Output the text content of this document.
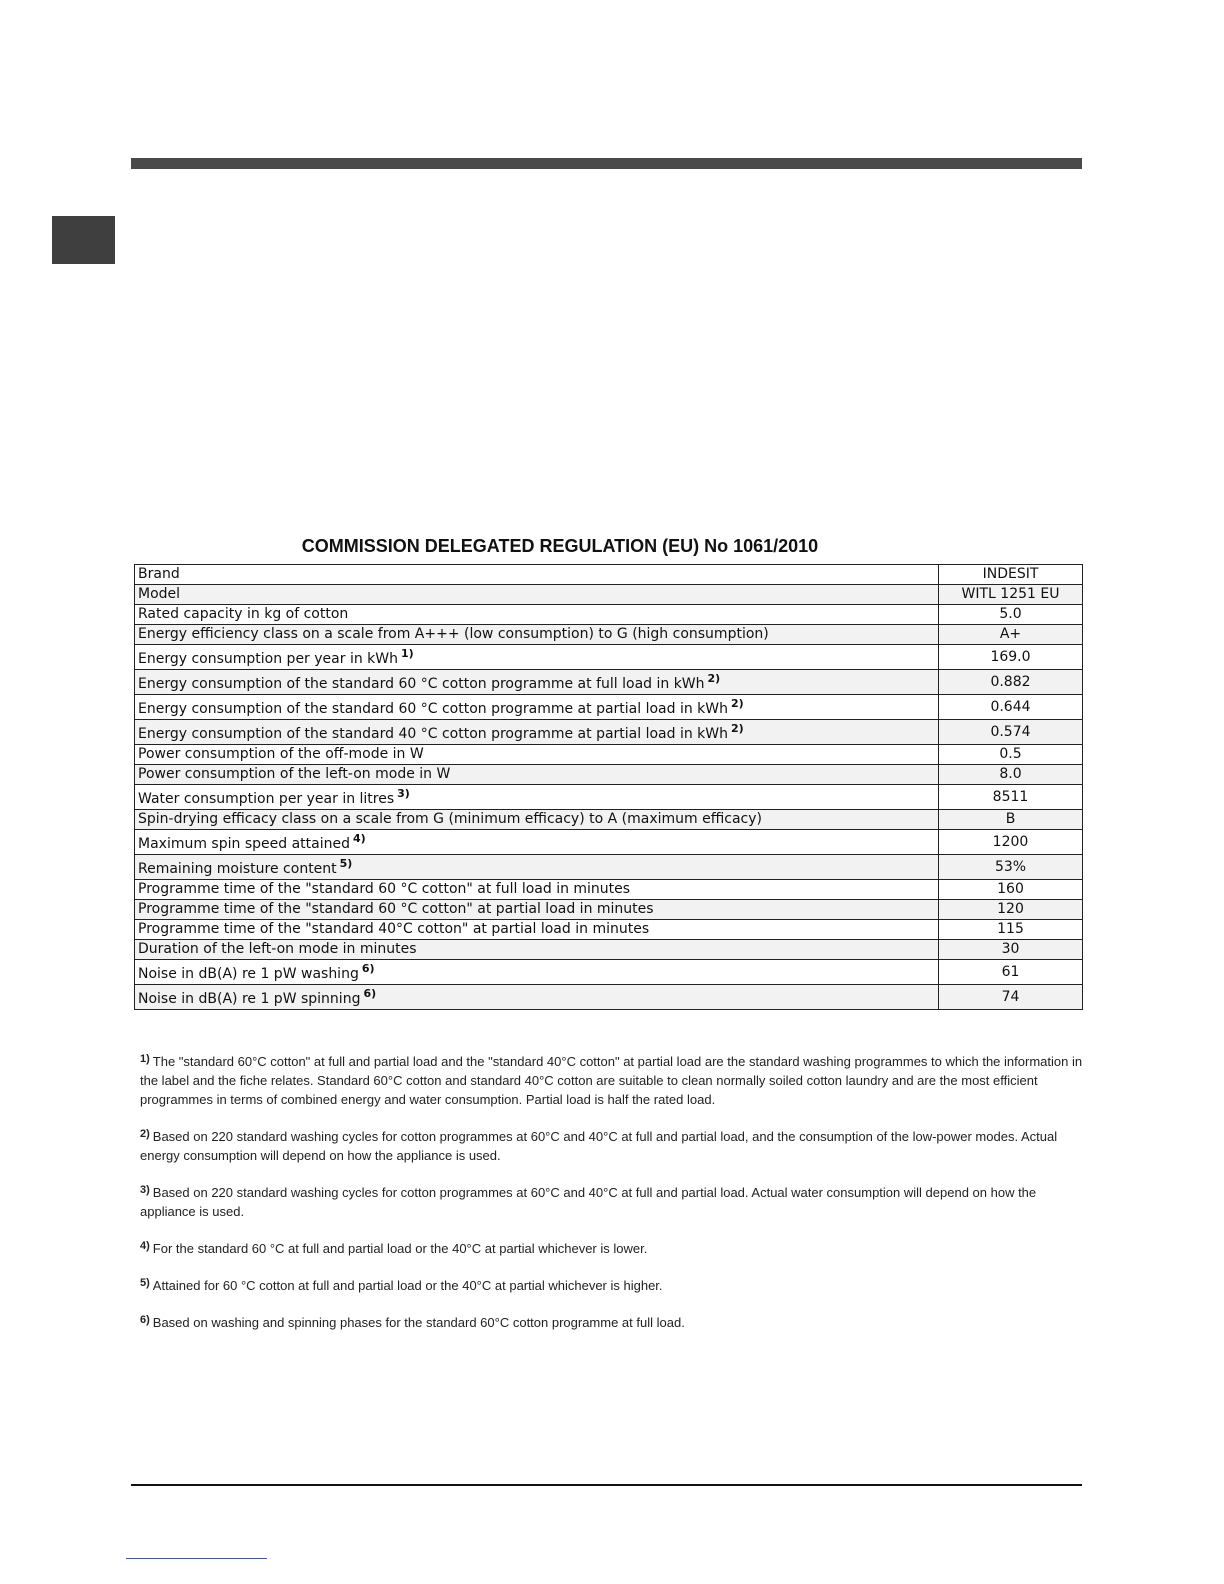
COMMISSION DELEGATED REGULATION (EU) No 1061/2010
Brand	INDESIT
Model	WITL 1251 EU
Rated capacity in kg of cotton	5.0
Energy efficiency class on a scale from A+++ (low consumption) to G (high consumption)	A+
Energy consumption per year in kWh $^{1)}$	169.0
Energy consumption of the standard 60 °C cotton programme at full load in kWh $^{2)}$	0.882
Energy consumption of the standard 60 °C cotton programme at partial load in kWh $^{2)}$	0.644
Energy consumption of the standard 40 °C cotton programme at partial load in kWh $^{2)}$	0.574
Power consumption of the off-mode in W	0.5
Power consumption of the left-on mode in W	8.0
Water consumption per year in litres $^{3)}$	8511
Spin-drying efficacy class on a scale from G (minimum efficacy) to A (maximum efficacy)	B
Maximum spin speed attained $^{4)}$	1200
Remaining moisture content $^{5)}$	53%
Programme time of the "standard 60 °C cotton" at full load in minutes	160
Programme time of the "standard 60 °C cotton" at partial load in minutes	120
Programme time of the "standard 40°C cotton" at partial load in minutes	115
Duration of the left-on mode in minutes	30
Noise in dB(A) re 1 pW washing $^{6)}$	61
Noise in dB(A) re 1 pW spinning $^{6)}$	74
$^{1)}$ The "standard 60°C cotton" at full and partial load and the "standard 40°C cotton" at partial load are the standard washing programmes to which the information in the label and the fiche relates. Standard 60°C cotton and standard 40°C cotton are suitable to clean normally soiled cotton laundry and are the most efficient programmes in terms of combined energy and water consumption. Partial load is half the rated load.
$^{2)}$ Based on 220 standard washing cycles for cotton programmes at 60°C and 40°C at full and partial load, and the consumption of the low-power modes. Actual energy consumption will depend on how the appliance is used.
$^{3)}$ Based on 220 standard washing cycles for cotton programmes at 60°C and 40°C at full and partial load. Actual water consumption will depend on how the appliance is used.
$^{4)}$ For the standard 60 °C at full and partial load or the 40°C at partial whichever is lower.
$^{5)}$ Attained for 60 °C cotton at full and partial load or the 40°C at partial whichever is higher.
$^{6)}$ Based on washing and spinning phases for the standard 60°C cotton programme at full load.
